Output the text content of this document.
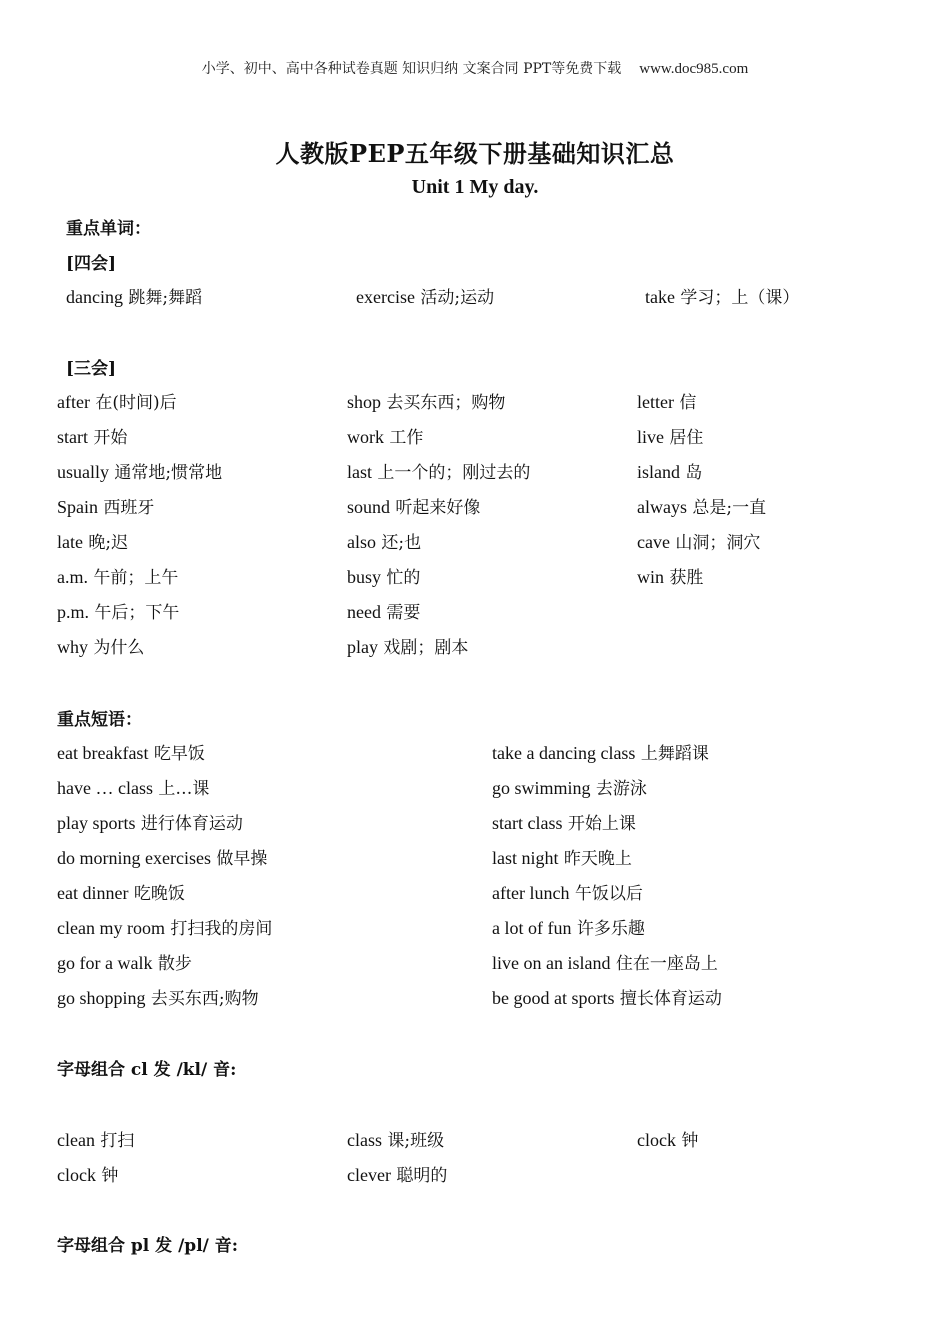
小学、初中、高中各种试卷真题 知识归纳 文案合同 PPT等免费下载 www.doc985.com
人教版PEP五年级下册基础知识汇总
Unit 1 My day.
重点单词：
[四会]
dancing 跳舞;舞蹈	exercise 活动;运动	take 学习；上（课）
[三会]
after 在(时间)后	shop 去买东西；购物	letter 信
start 开始	work 工作	live 居住
usually 通常地;惯常地	last 上一个的；刚过去的	island 岛
Spain 西班牙	sound 听起来好像	always 总是;一直
late 晚;迟	also 还;也	cave 山洞；洞穴
a.m. 午前；上午	busy 忙的	win 获胜
p.m. 午后；下午	need 需要
why 为什么	play 戏剧；剧本
重点短语：
eat breakfast 吃早饭	take a dancing class 上舞蹈课
have … class 上…课	go swimming 去游泳
play sports 进行体育运动	start class 开始上课
do morning exercises 做早操	last night 昨天晚上
eat dinner 吃晚饭	after lunch 午饭以后
clean my room 打扫我的房间	a lot of fun 许多乐趣
go for a walk 散步	live on an island 住在一座岛上
go shopping 去买东西;购物	be good at sports 擅长体育运动
字母组合 cl 发 /kl/ 音:
clean 打扫	class 课;班级	clock 钟
clock 钟	clever 聪明的
字母组合 pl 发 /pl/ 音:
